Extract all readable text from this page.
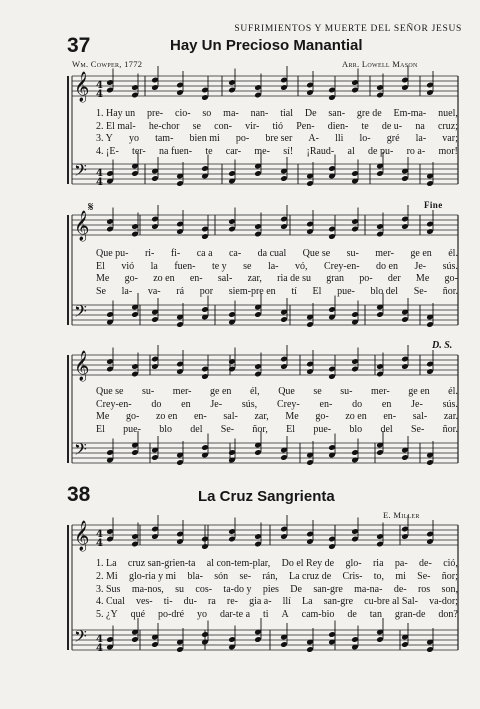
𝄞
𝄢
𝄞
𝄢
𝄞
𝄢
𝄞
𝄢
4
4
4
4
4
4
4
4
𝄋
SUFRIMIENTOS Y MUERTE DEL SEÑOR JESUS
37	Hay Un Precioso Manantial
Wm. Cowper, 1772	Arr. Lowell Mason
Fine
D. S.
1. Hay un pre- cio- so ma- nan- tial De san- gre de Em-ma- nuel,
2. El mal- he-chor se con- vir- tió Pen- dien- te de u- na cruz;
3. Y yo tam- bien mi po- bre ser A- lli lo- gré la- var;
4. ¡E- ter- na fuen- te car- me- sí! ¡Raud- al de pu- ro a- mor!
Que pu- ri- fi- ca a ca- da cual Que se su- mer- ge en él.
El vió la fuen- te y se la- vó, Crey-en- do en Je- sús.
Me go- zo en en- sal- zar, ria de su gran po- der Me go-
Se la- va- rá por siem-pre en tí El pue- blo del Se- ñor.
Que se su- mer- ge en él, Que se su- mer- ge en él.
Crey-en- do en Je- sús, Crey- en- do en Je- sús.
Me go- zo en en- sal- zar, Me go- zo en en- sal- zar.
El pue- blo del Se- ñor, El pue- blo del Se- ñor.
38	La Cruz Sangrienta
E. Miller
1. La cruz san-grien-ta al con-tem-plar, Do el Rey de glo- ria pa- de- ció,
2. Mi glo-ria y mi bla- són se- rán, La cruz de Cris- to, mi Se- ñor;
3. Sus ma-nos, su cos- ta-do y pies De san-gre ma-na- de- ros son,
4. Cual ves- ti- du- ra re- gia a- llí La san-gre cu-bre al Sal- va-dor;
5. ¿Y qué po-dré yo dar-te a ti A cam-bio de tan gran-de don?
